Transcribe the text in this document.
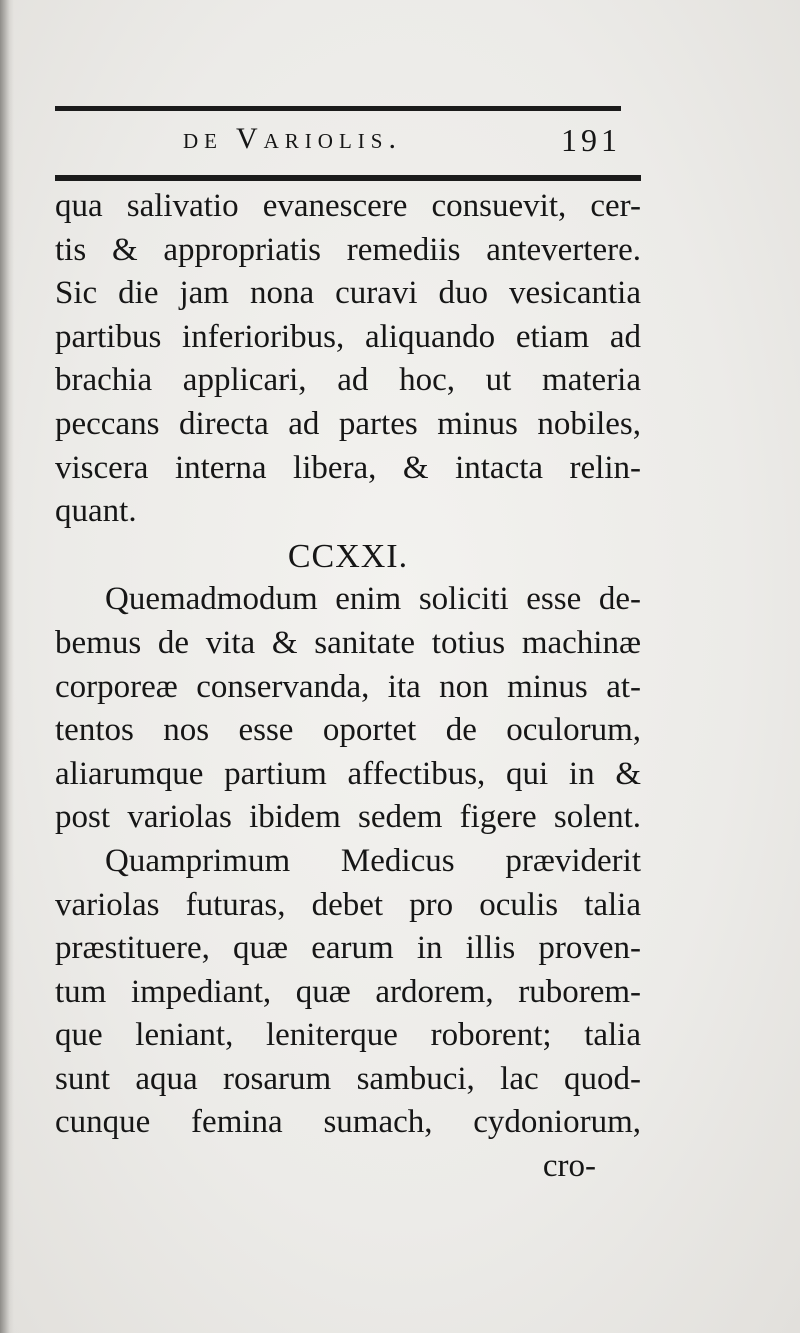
de Variolis.	191
qua salivatio evanescere consuevit, cer-
tis & appropriatis remediis antevertere.
Sic die jam nona curavi duo vesicantia
partibus inferioribus, aliquando etiam ad
brachia applicari, ad hoc, ut materia
peccans directa ad partes minus nobiles,
viscera interna libera, & intacta relin-
quant.
CCXXI.
Quemadmodum enim soliciti esse de-
bemus de vita & sanitate totius machinæ
corporeæ conservanda, ita non minus at-
tentos nos esse oportet de oculorum,
aliarumque partium affectibus, qui in &
post variolas ibidem sedem figere solent.
Quamprimum Medicus præviderit
variolas futuras, debet pro oculis talia
præstituere, quæ earum in illis proven-
tum impediant, quæ ardorem, ruborem-
que leniant, leniterque roborent; talia
sunt aqua rosarum sambuci, lac quod-
cunque femina sumach, cydoniorum,
cro-
